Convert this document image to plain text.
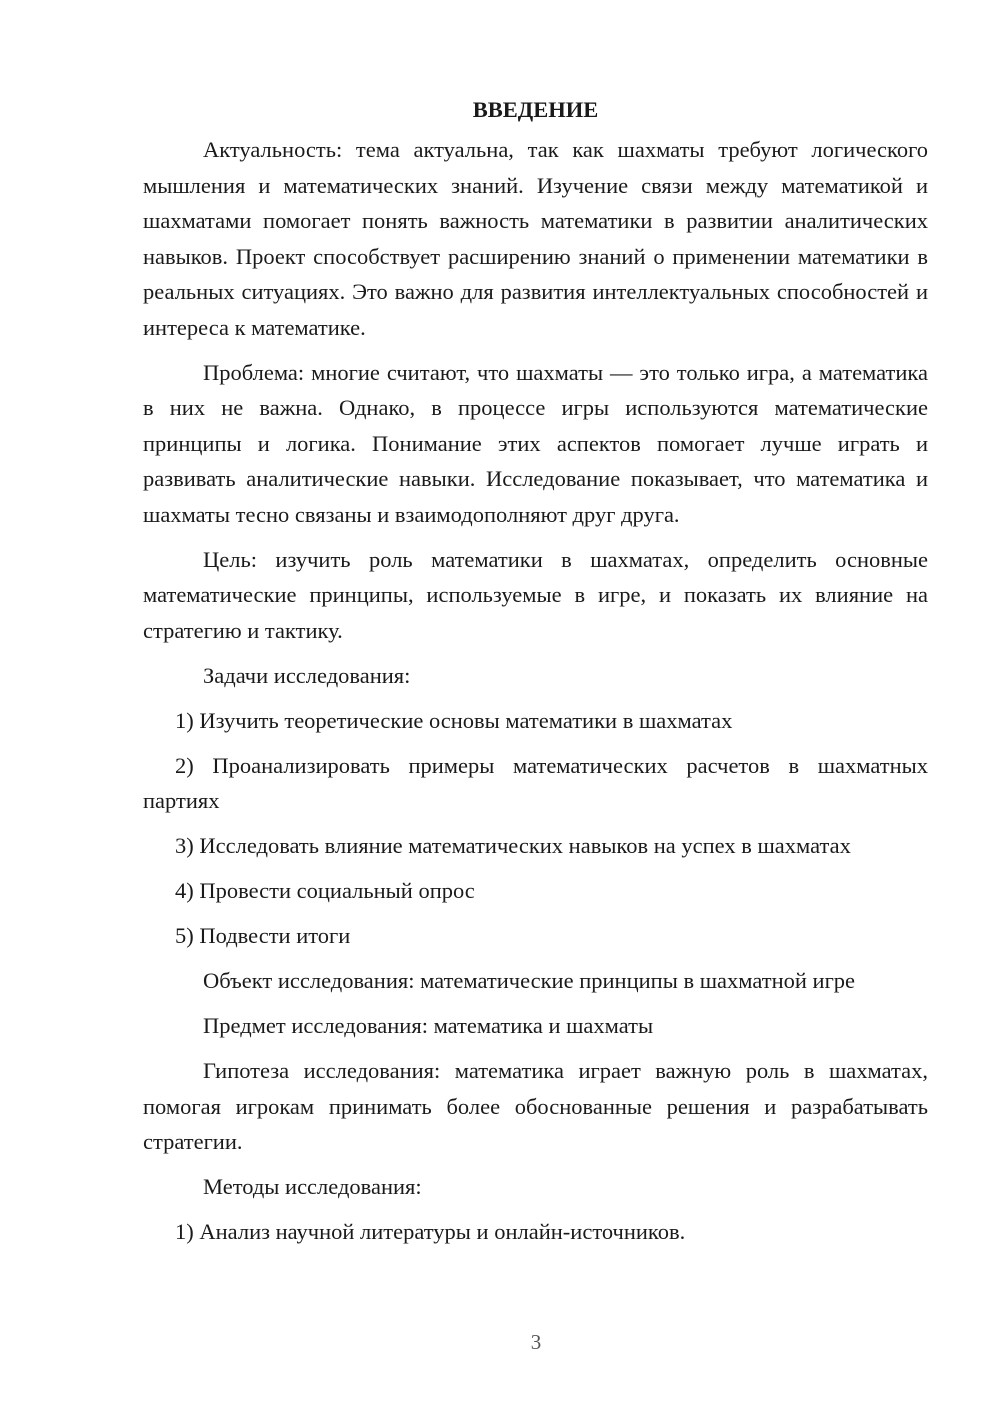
ВВЕДЕНИЕ

Актуальность: тема актуальна, так как шахматы требуют логического мышления и математических знаний. Изучение связи между математикой и шахматами помогает понять важность математики в развитии аналитических навыков. Проект способствует расширению знаний о применении математики в реальных ситуациях. Это важно для развития интеллектуальных способностей и интереса к математике.

Проблема: многие считают, что шахматы — это только игра, а математика в них не важна. Однако, в процессе игры используются математические принципы и логика. Понимание этих аспектов помогает лучше играть и развивать аналитические навыки. Исследование показывает, что математика и шахматы тесно связаны и взаимодополняют друг друга.

Цель: изучить роль математики в шахматах, определить основные математические принципы, используемые в игре, и показать их влияние на стратегию и тактику.

Задачи исследования:

1) Изучить теоретические основы математики в шахматах

2) Проанализировать примеры математических расчетов в шахматных партиях

3) Исследовать влияние математических навыков на успех в шахматах

4) Провести социальный опрос

5) Подвести итоги

Объект исследования: математические принципы в шахматной игре

Предмет исследования: математика и шахматы

Гипотеза исследования: математика играет важную роль в шахматах, помогая игрокам принимать более обоснованные решения и разрабатывать стратегии.

Методы исследования:

1) Анализ научной литературы и онлайн-источников.

3
